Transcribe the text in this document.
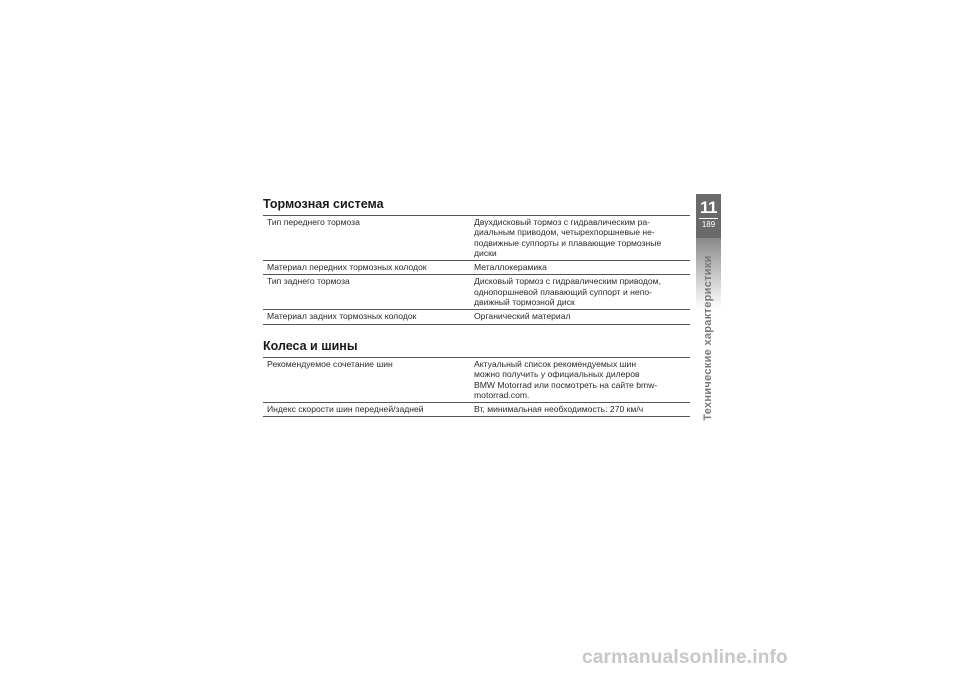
Тормозная система
Тип переднего тормоза	Двухдисковый тормоз с гидравлическим ра-
диальным приводом, четырехпоршневые не-
подвижные суппорты и плавающие тормозные
диски
Материал передних тормозных колодок	Металлокерамика
Тип заднего тормоза	Дисковый тормоз с гидравлическим приводом,
однопоршневой плавающий суппорт и непо-
движный тормозной диск
Материал задних тормозных колодок	Органический материал
Колеса и шины
Рекомендуемое сочетание шин	Актуальный список рекомендуемых шин
можно получить у официальных дилеров
BMW Motorrad или посмотреть на сайте bmw-
motorrad.com.
Индекс скорости шин передней/задней	Вт, минимальная необходимость: 270 км/ч
11
189
Технические характеристики
carmanualsonline.info
